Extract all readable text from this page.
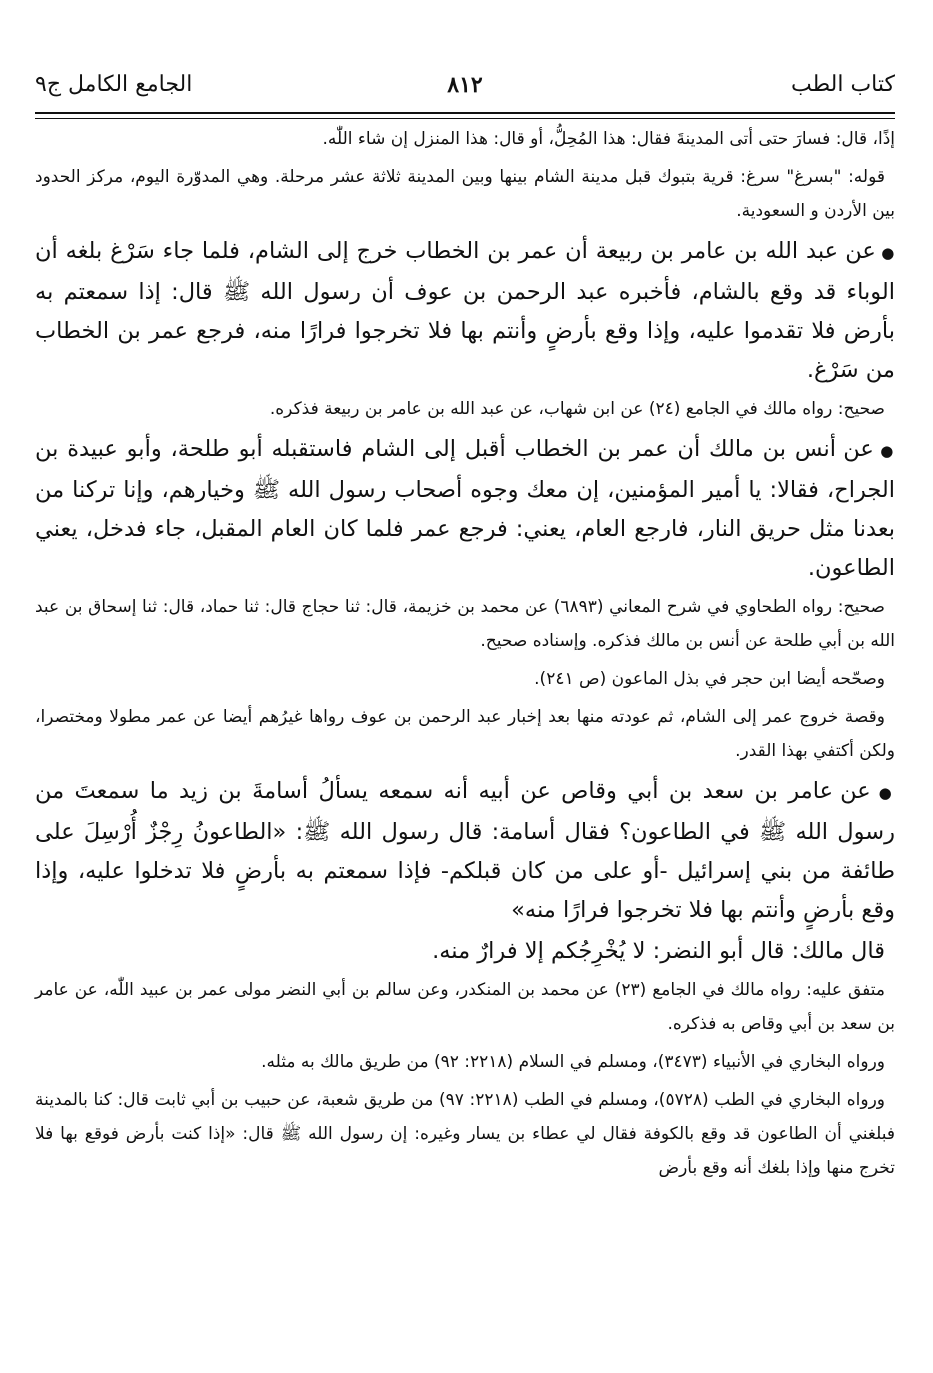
كتاب الطب
٨١٢
الجامع الكامل ج٩

إذًا، قال: فسارَ حتى أتى المدينةَ فقال: هذا المُحِلُّ، أو قال: هذا المنزل إن شاء اللّٰه.

قوله: "بسرغ" سرغ: قرية بتبوك قبل مدينة الشام بينها وبين المدينة ثلاثة عشر مرحلة. وهي المدوّرة اليوم، مركز الحدود بين الأردن و السعودية.

● عن عبد الله بن عامر بن ربيعة أن عمر بن الخطاب خرج إلى الشام، فلما جاء سَرْغ بلغه أن الوباء قد وقع بالشام، فأخبره عبد الرحمن بن عوف أن رسول الله ﷺ قال: إذا سمعتم به بأرض فلا تقدموا عليه، وإذا وقع بأرضٍ وأنتم بها فلا تخرجوا فرارًا منه، فرجع عمر بن الخطاب من سَرْغ.

صحيح: رواه مالك في الجامع (٢٤) عن ابن شهاب، عن عبد الله بن عامر بن ربيعة فذكره.

● عن أنس بن مالك أن عمر بن الخطاب أقبل إلى الشام فاستقبله أبو طلحة، وأبو عبيدة بن الجراح، فقالا: يا أمير المؤمنين، إن معك وجوه أصحاب رسول الله ﷺ وخيارهم، وإنا تركنا من بعدنا مثل حريق النار، فارجع العام، يعني: فرجع عمر فلما كان العام المقبل، جاء فدخل، يعني الطاعون.

صحيح: رواه الطحاوي في شرح المعاني (٦٨٩٣) عن محمد بن خزيمة، قال: ثنا حجاج قال: ثنا حماد، قال: ثنا إسحاق بن عبد الله بن أبي طلحة عن أنس بن مالك فذكره. وإسناده صحيح.

وصحّحه أيضا ابن حجر في بذل الماعون (ص ٢٤١).

وقصة خروج عمر إلى الشام، ثم عودته منها بعد إخبار عبد الرحمن بن عوف رواها غيرُهم أيضا عن عمر مطولا ومختصرا، ولكن أكتفي بهذا القدر.

● عن عامر بن سعد بن أبي وقاص عن أبيه أنه سمعه يسألُ أسامةَ بن زيد ما سمعتَ من رسول الله ﷺ في الطاعون؟ فقال أسامة: قال رسول الله ﷺ: «الطاعونُ رِجْزٌ أُرْسِلَ على طائفة من بني إسرائيل -أو على من كان قبلكم- فإذا سمعتم به بأرضٍ فلا تدخلوا عليه، وإذا وقع بأرضٍ وأنتم بها فلا تخرجوا فرارًا منه»

قال مالك: قال أبو النضر: لا يُخْرِجُكم إلا فرارٌ منه.

متفق عليه: رواه مالك في الجامع (٢٣) عن محمد بن المنكدر، وعن سالم بن أبي النضر مولى عمر بن عبيد اللّٰه، عن عامر بن سعد بن أبي وقاص به فذكره.

ورواه البخاري في الأنبياء (٣٤٧٣)، ومسلم في السلام (٢٢١٨: ٩٢) من طريق مالك به مثله.

ورواه البخاري في الطب (٥٧٢٨)، ومسلم في الطب (٢٢١٨: ٩٧) من طريق شعبة، عن حبيب بن أبي ثابت قال: كنا بالمدينة فبلغني أن الطاعون قد وقع بالكوفة فقال لي عطاء بن يسار وغيره: إن رسول الله ﷺ قال: «إذا كنت بأرض فوقع بها فلا تخرج منها وإذا بلغك أنه وقع بأرض
